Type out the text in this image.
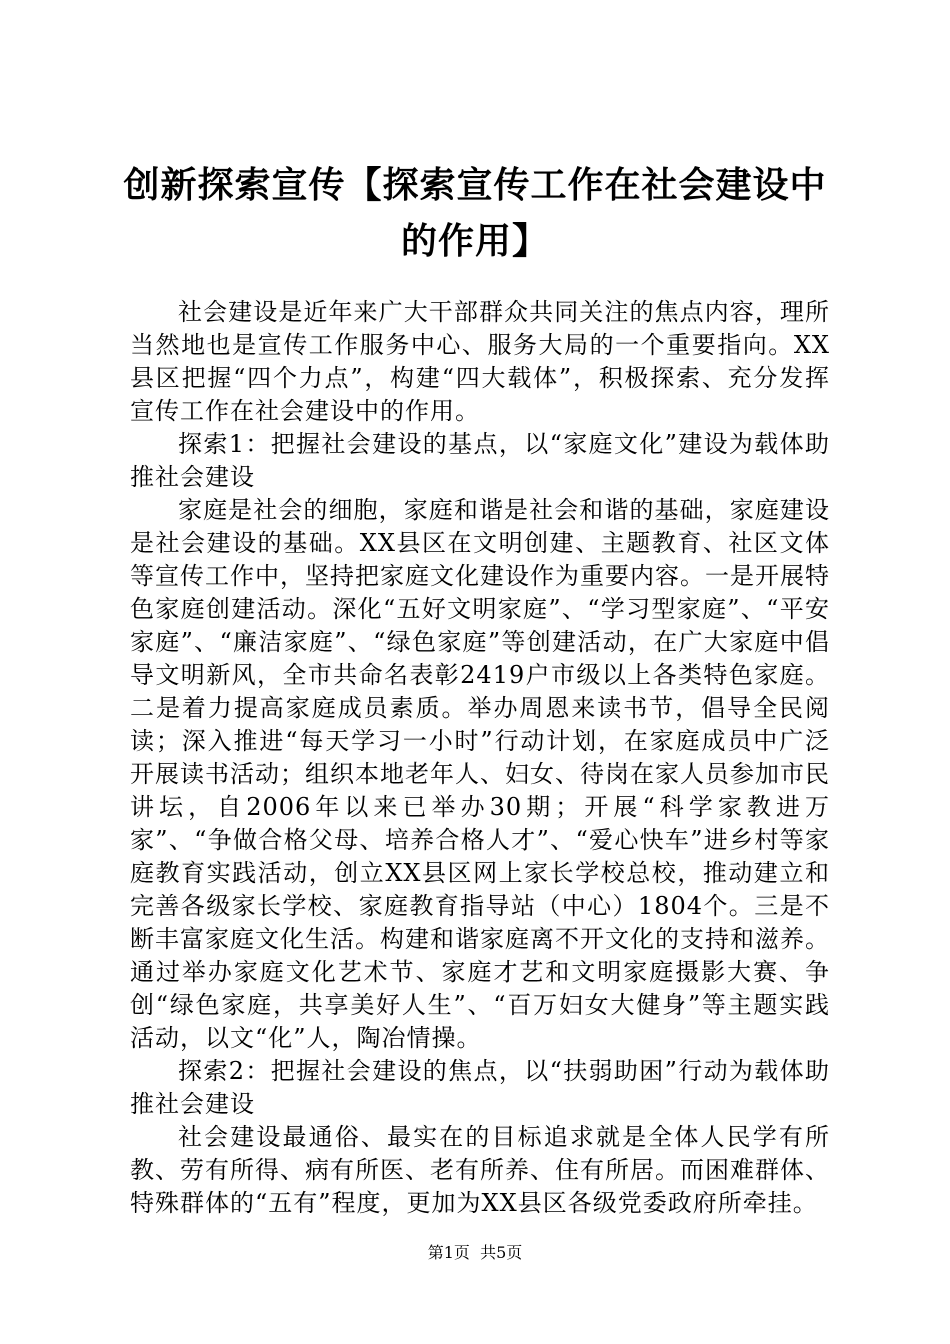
创新探索宣传【探索宣传工作在社会建设中的作用】

社会建设是近年来广大干部群众共同关注的焦点内容，理所当然地也是宣传工作服务中心、服务大局的一个重要指向。XX县区把握“四个力点”，构建“四大载体”，积极探索、充分发挥宣传工作在社会建设中的作用。

探索1：把握社会建设的基点，以“家庭文化”建设为载体助推社会建设

家庭是社会的细胞，家庭和谐是社会和谐的基础，家庭建设是社会建设的基础。XX县区在文明创建、主题教育、社区文体等宣传工作中，坚持把家庭文化建设作为重要内容。一是开展特色家庭创建活动。深化“五好文明家庭”、“学习型家庭”、“平安家庭”、“廉洁家庭”、“绿色家庭”等创建活动，在广大家庭中倡导文明新风，全市共命名表彰2419户市级以上各类特色家庭。二是着力提高家庭成员素质。举办周恩来读书节，倡导全民阅读；深入推进“每天学习一小时”行动计划，在家庭成员中广泛开展读书活动；组织本地老年人、妇女、待岗在家人员参加市民讲坛，自2006年以来已举办30期；开展“科学家教进万家”、“争做合格父母、培养合格人才”、“爱心快车”进乡村等家庭教育实践活动，创立XX县区网上家长学校总校，推动建立和完善各级家长学校、家庭教育指导站（中心）1804个。三是不断丰富家庭文化生活。构建和谐家庭离不开文化的支持和滋养。通过举办家庭文化艺术节、家庭才艺和文明家庭摄影大赛、争创“绿色家庭，共享美好人生”、“百万妇女大健身”等主题实践活动，以文“化”人，陶冶情操。

探索2：把握社会建设的焦点，以“扶弱助困”行动为载体助推社会建设

社会建设最通俗、最实在的目标追求就是全体人民学有所教、劳有所得、病有所医、老有所养、住有所居。而困难群体、特殊群体的“五有”程度，更加为XX县区各级党委政府所牵挂。

第1页 共5页
